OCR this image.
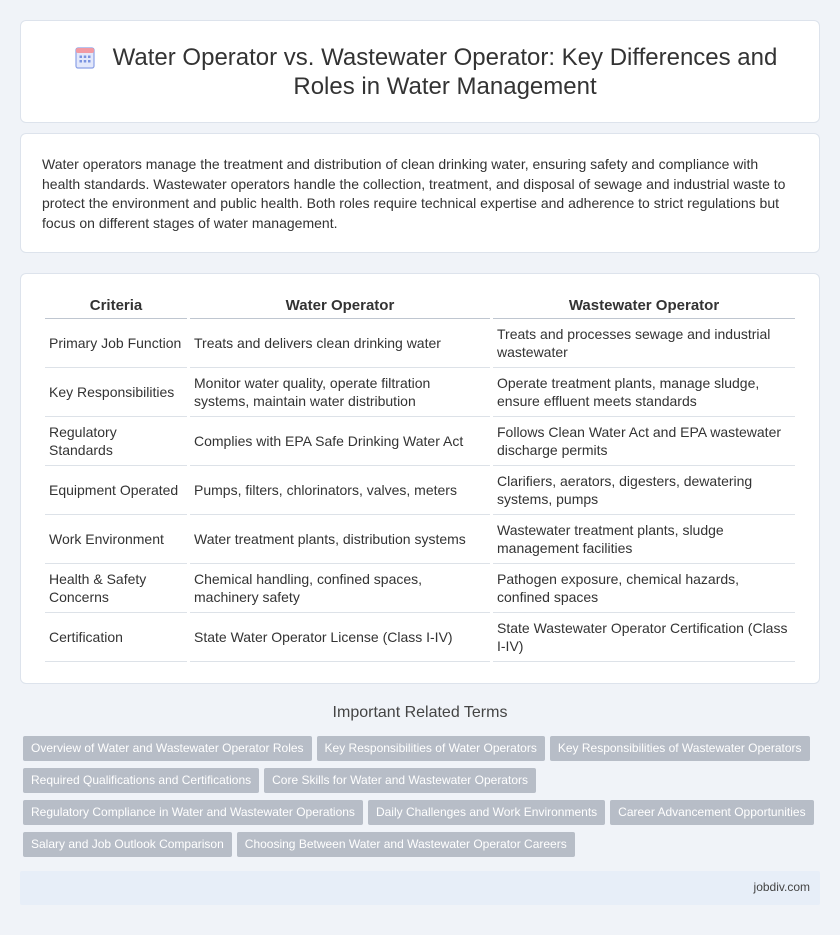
Water Operator vs. Wastewater Operator: Key Differences and Roles in Water Management

Water operators manage the treatment and distribution of clean drinking water, ensuring safety and compliance with health standards. Wastewater operators handle the collection, treatment, and disposal of sewage and industrial waste to protect the environment and public health. Both roles require technical expertise and adherence to strict regulations but focus on different stages of water management.

Criteria	Water Operator	Wastewater Operator
Primary Job Function	Treats and delivers clean drinking water	Treats and processes sewage and industrial wastewater
Key Responsibilities	Monitor water quality, operate filtration systems, maintain water distribution	Operate treatment plants, manage sludge, ensure effluent meets standards
Regulatory Standards	Complies with EPA Safe Drinking Water Act	Follows Clean Water Act and EPA wastewater discharge permits
Equipment Operated	Pumps, filters, chlorinators, valves, meters	Clarifiers, aerators, digesters, dewatering systems, pumps
Work Environment	Water treatment plants, distribution systems	Wastewater treatment plants, sludge management facilities
Health & Safety Concerns	Chemical handling, confined spaces, machinery safety	Pathogen exposure, chemical hazards, confined spaces
Certification	State Water Operator License (Class I-IV)	State Wastewater Operator Certification (Class I-IV)
Important Related Terms
Overview of Water and Wastewater Operator Roles Key Responsibilities of Water Operators Key Responsibilities of Wastewater Operators
Required Qualifications and Certifications Core Skills for Water and Wastewater Operators
Regulatory Compliance in Water and Wastewater Operations Daily Challenges and Work Environments Career Advancement Opportunities
Salary and Job Outlook Comparison Choosing Between Water and Wastewater Operator Careers
jobdiv.com
